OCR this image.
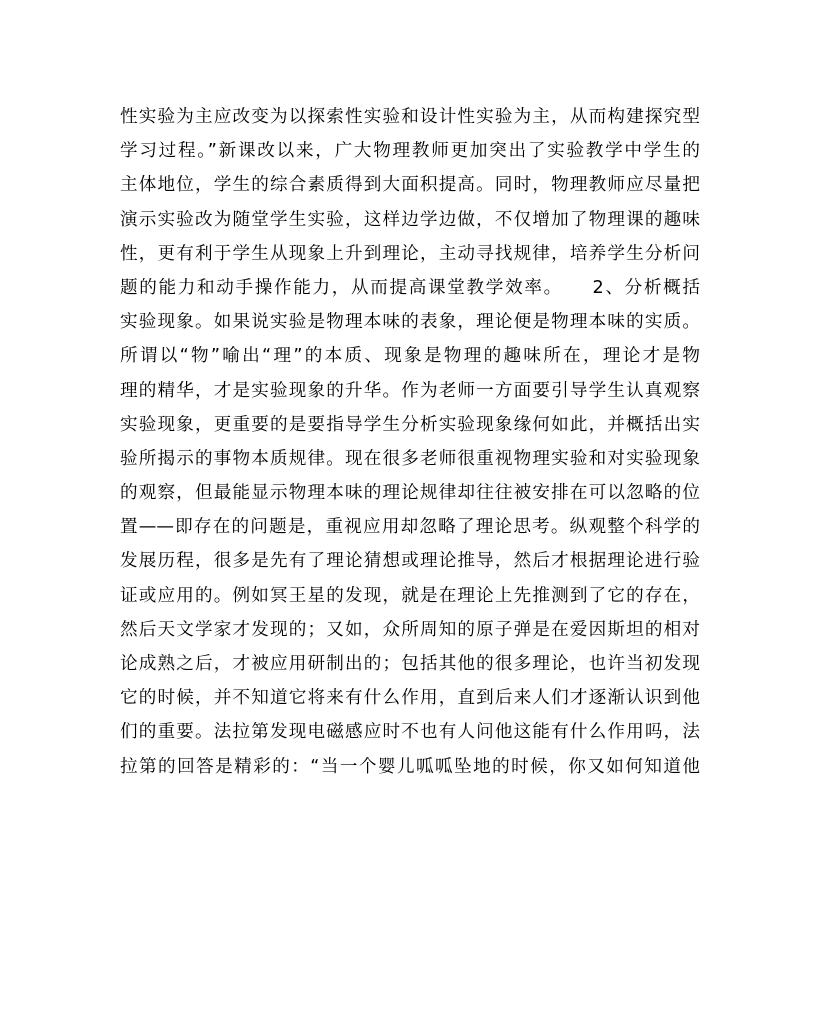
性实验为主应改变为以探索性实验和设计性实验为主，从而构建探究型
学习过程。”新课改以来，广大物理教师更加突出了实验教学中学生的
主体地位，学生的综合素质得到大面积提高。同时，物理教师应尽量把
演示实验改为随堂学生实验，这样边学边做，不仅增加了物理课的趣味
性，更有利于学生从现象上升到理论，主动寻找规律，培养学生分析问
题的能力和动手操作能力，从而提高课堂教学效率。　　2、分析概括
实验现象。如果说实验是物理本味的表象，理论便是物理本味的实质。
所谓以“物”喻出“理”的本质、现象是物理的趣味所在，理论才是物
理的精华，才是实验现象的升华。作为老师一方面要引导学生认真观察
实验现象，更重要的是要指导学生分析实验现象缘何如此，并概括出实
验所揭示的事物本质规律。现在很多老师很重视物理实验和对实验现象
的观察，但最能显示物理本味的理论规律却往往被安排在可以忽略的位
置——即存在的问题是，重视应用却忽略了理论思考。纵观整个科学的
发展历程，很多是先有了理论猜想或理论推导，然后才根据理论进行验
证或应用的。例如冥王星的发现，就是在理论上先推测到了它的存在，
然后天文学家才发现的；又如，众所周知的原子弹是在爱因斯坦的相对
论成熟之后，才被应用研制出的；包括其他的很多理论，也许当初发现
它的时候，并不知道它将来有什么作用，直到后来人们才逐渐认识到他
们的重要。法拉第发现电磁感应时不也有人问他这能有什么作用吗，法
拉第的回答是精彩的：“当一个婴儿呱呱坠地的时候，你又如何知道他
